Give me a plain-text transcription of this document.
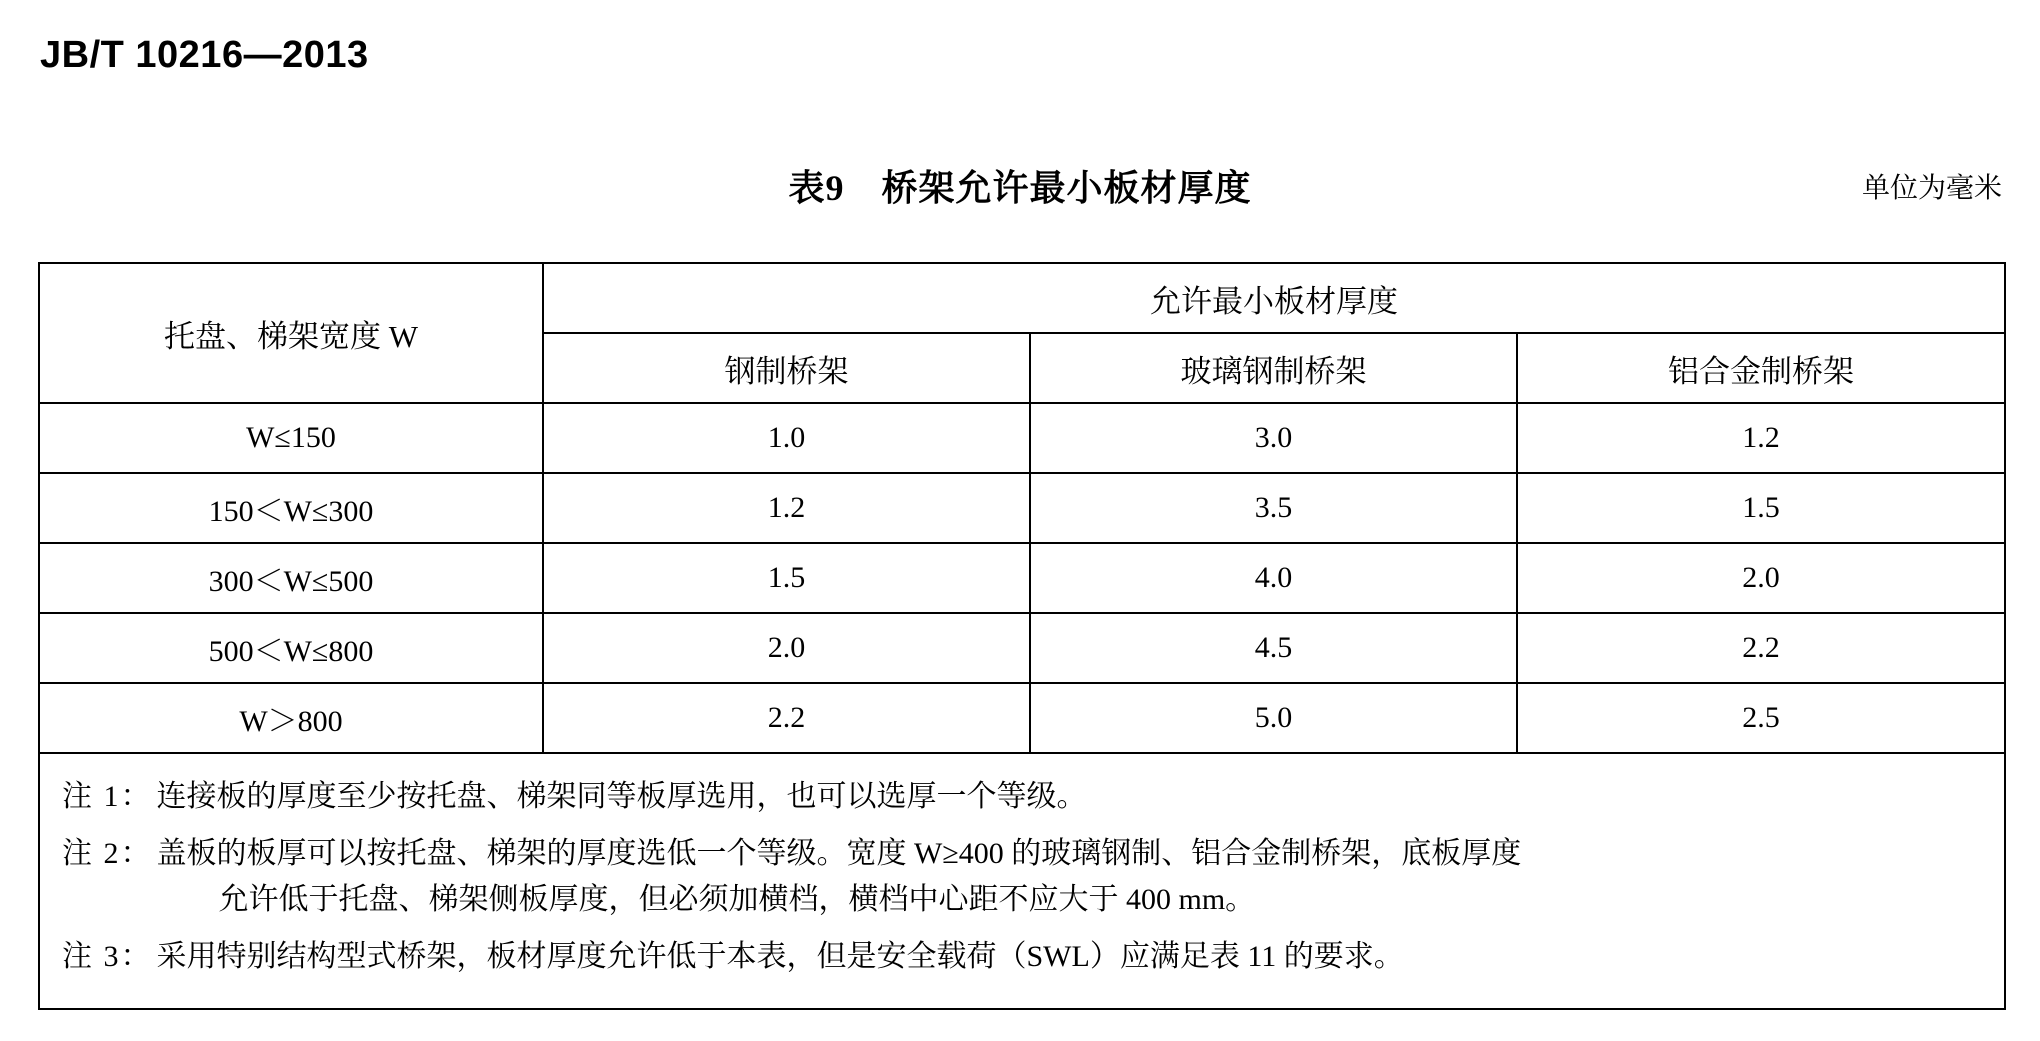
JB/T 10216—2013
表9　桥架允许最小板材厚度	单位为毫米
托盘、梯架宽度 W	允许最小板材厚度		
	钢制桥架	玻璃钢制桥架	铝合金制桥架
W≤150	1.0	3.0	1.2
150＜W≤300	1.2	3.5	1.5
300＜W≤500	1.5	4.0	2.0
500＜W≤800	2.0	4.5	2.2
W＞800	2.2	5.0	2.5

注 1： 连接板的厚度至少按托盘、梯架同等板厚选用，也可以选厚一个等级。
注 2： 盖板的板厚可以按托盘、梯架的厚度选低一个等级。宽度 W≥400 的玻璃钢制、铝合金制桥架，底板厚度
允许低于托盘、梯架侧板厚度，但必须加横档，横档中心距不应大于 400 mm。
注 3： 采用特别结构型式桥架，板材厚度允许低于本表，但是安全载荷（SWL）应满足表 11 的要求。
